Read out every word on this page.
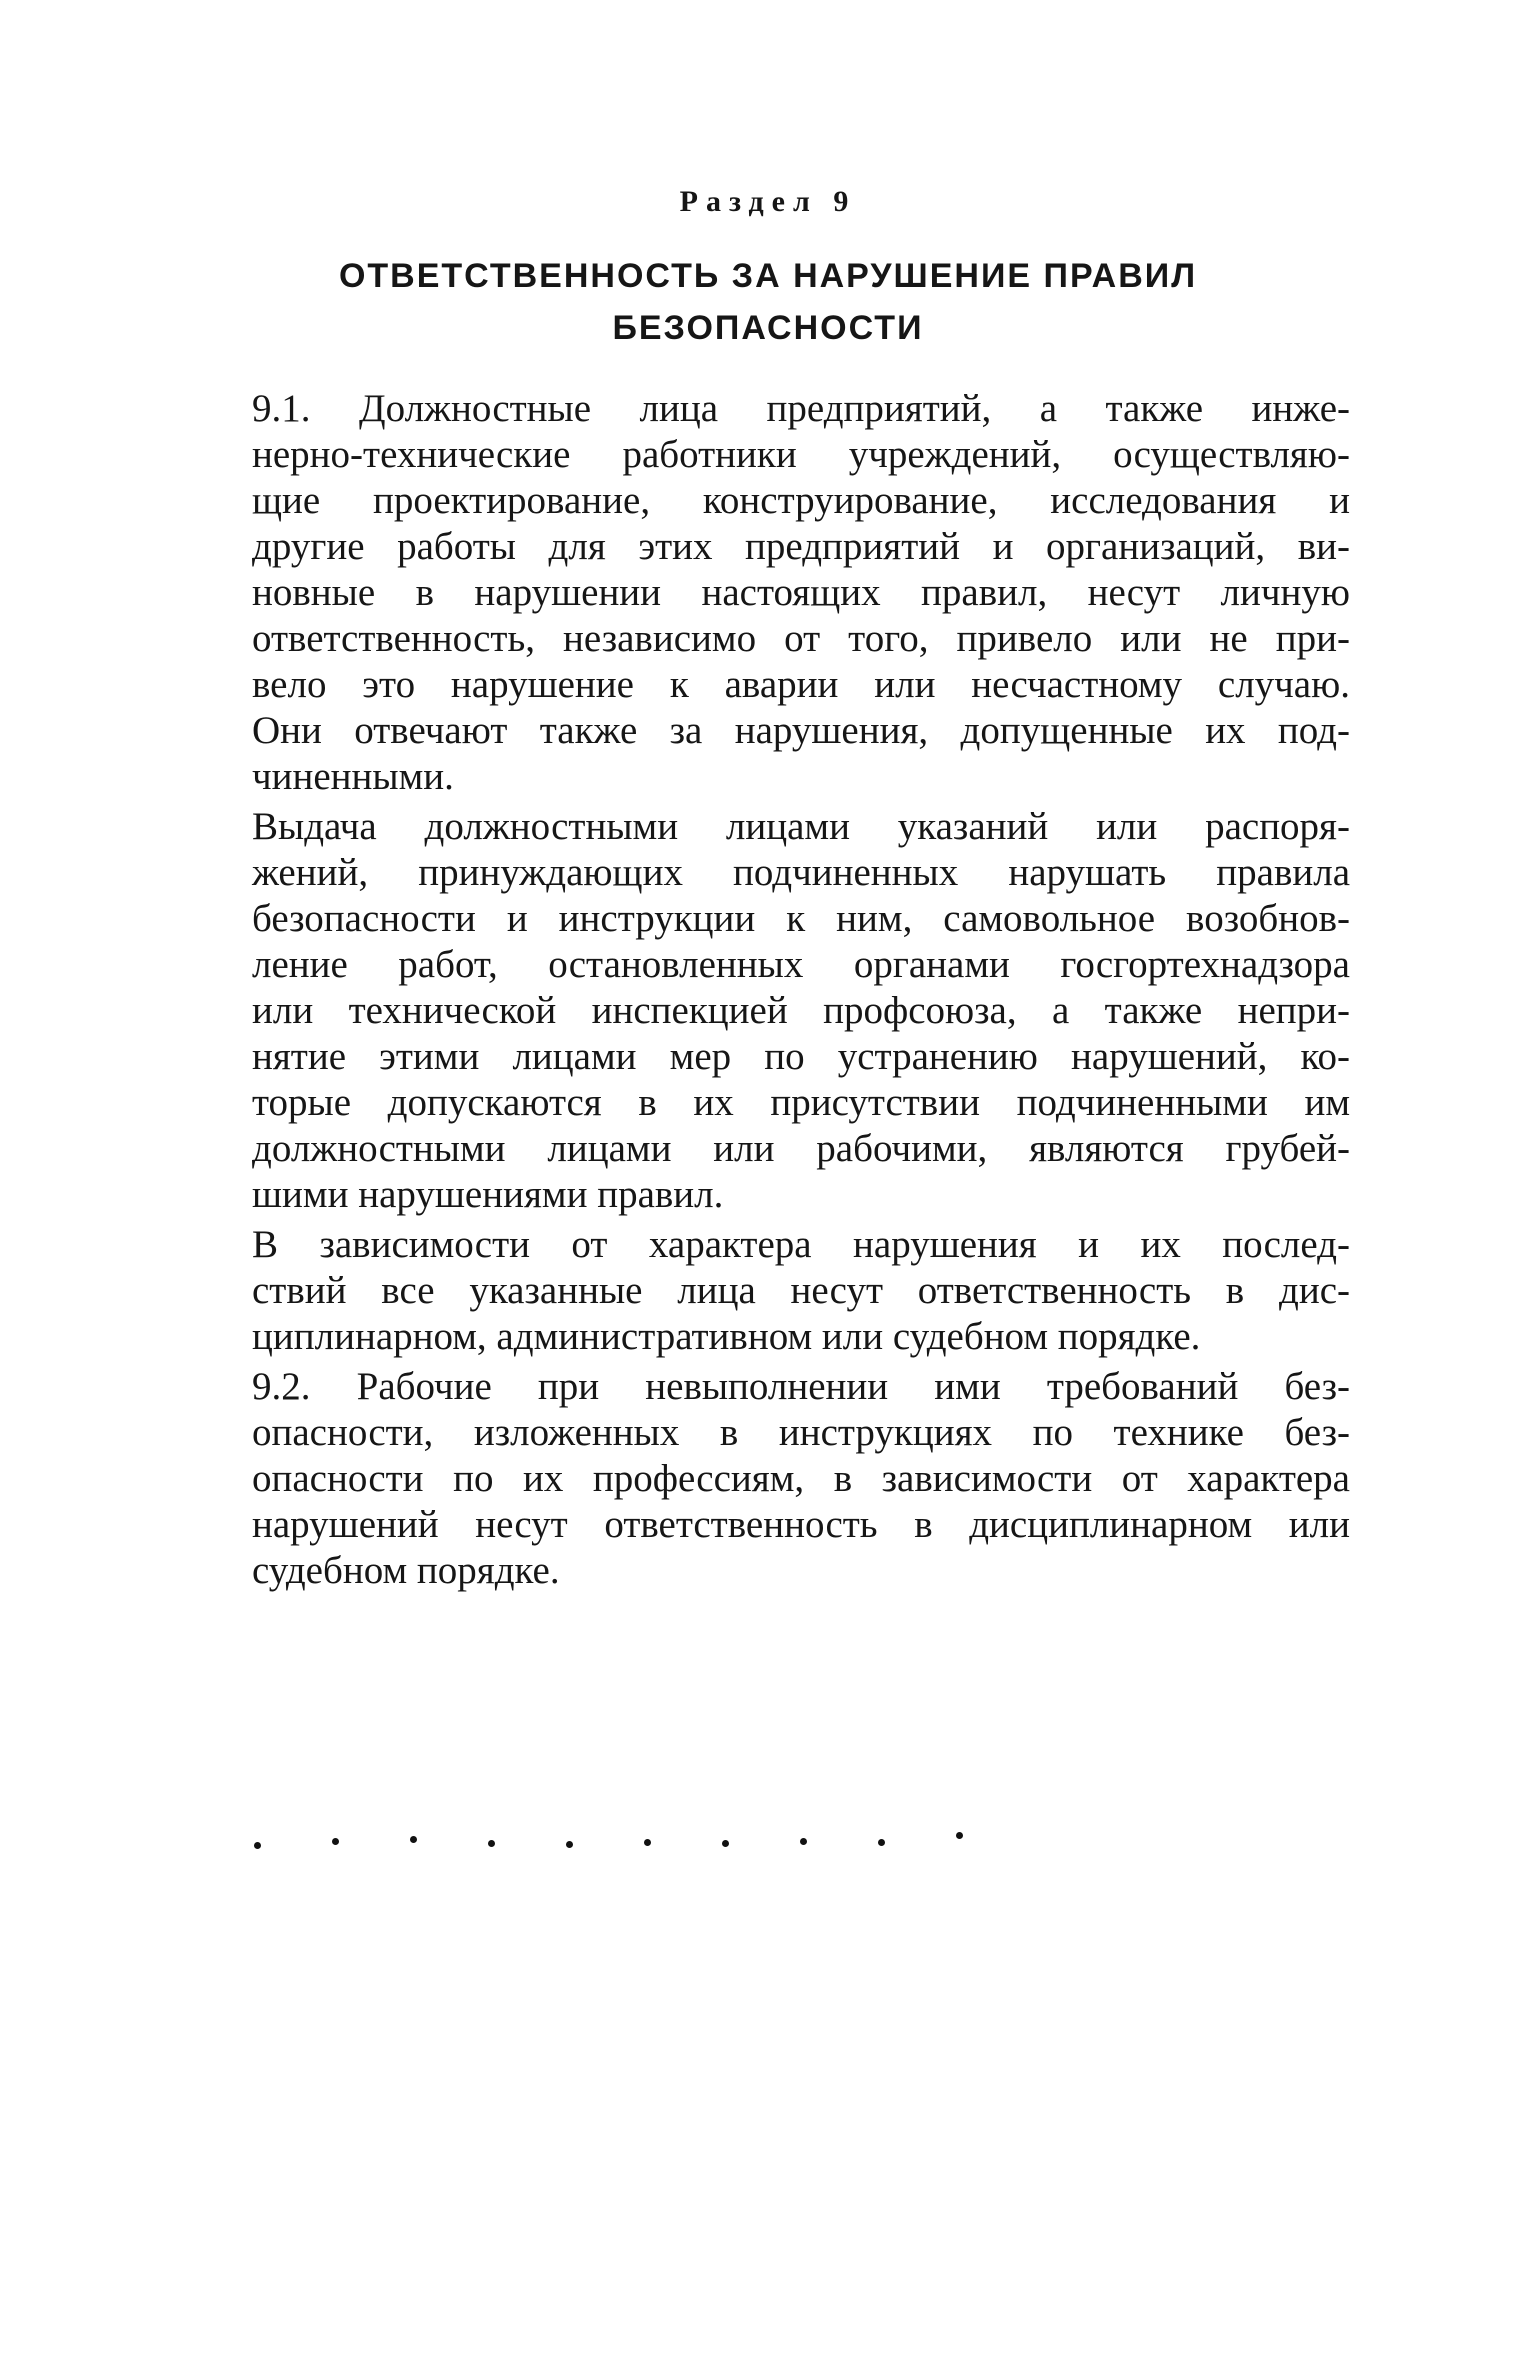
Раздел 9
ОТВЕТСТВЕННОСТЬ ЗА НАРУШЕНИЕ ПРАВИЛ
БЕЗОПАСНОСТИ

9.1. Должностные лица предприятий, а также инже-
нерно-технические работники учреждений, осуществляю-
щие проектирование, конструирование, исследования и
другие работы для этих предприятий и организаций, ви-
новные в нарушении настоящих правил, несут личную
ответственность, независимо от того, привело или не при-
вело это нарушение к аварии или несчастному случаю.
Они отвечают также за нарушения, допущенные их под-
чиненными.

Выдача должностными лицами указаний или распоря-
жений, принуждающих подчиненных нарушать правила
безопасности и инструкции к ним, самовольное возобнов-
ление работ, остановленных органами госгортехнадзора
или технической инспекцией профсоюза, а также непри-
нятие этими лицами мер по устранению нарушений, ко-
торые допускаются в их присутствии подчиненными им
должностными лицами или рабочими, являются грубей-
шими нарушениями правил.

В зависимости от характера нарушения и их послед-
ствий все указанные лица несут ответственность в дис-
циплинарном, административном или судебном порядке.

9.2. Рабочие при невыполнении ими требований без-
опасности, изложенных в инструкциях по технике без-
опасности по их профессиям, в зависимости от характера
нарушений несут ответственность в дисциплинарном или
судебном порядке.
